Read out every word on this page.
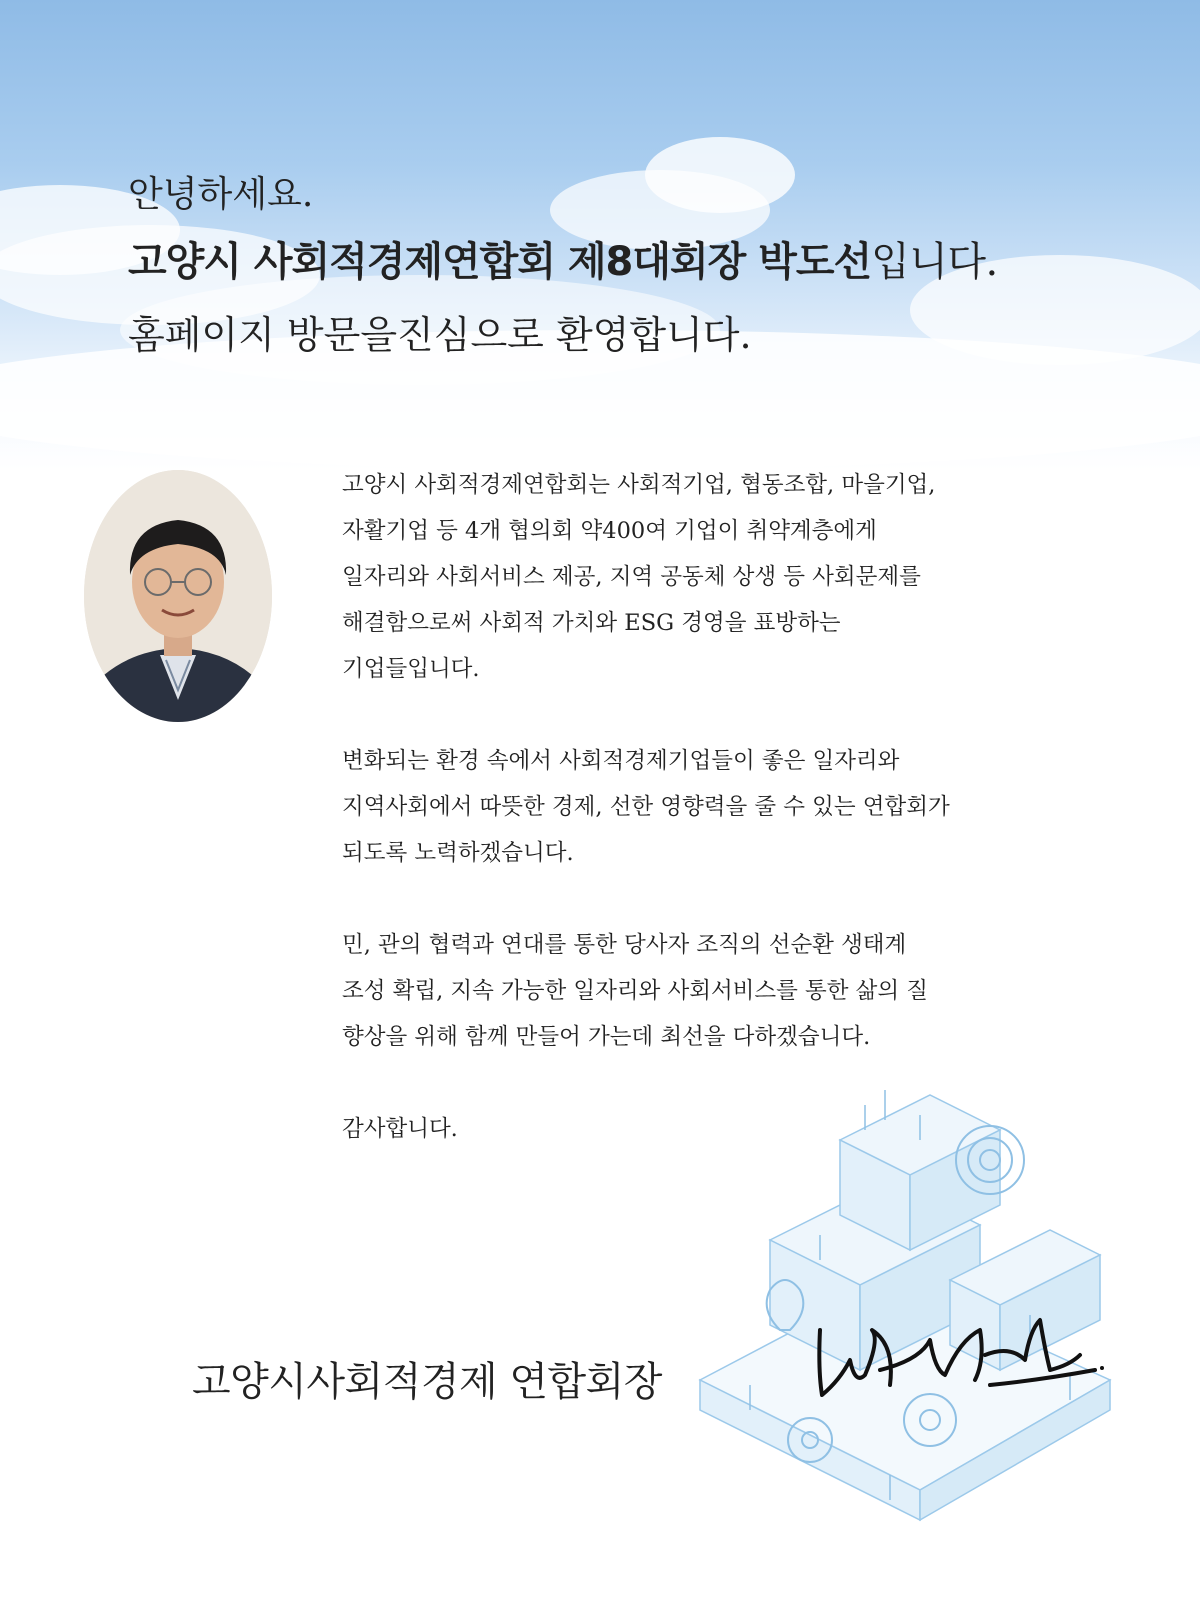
안녕하세요.
고양시 사회적경제연합회 제8대회장 박도선입니다.
홈페이지 방문을진심으로 환영합니다.

고양시 사회적경제연합회는 사회적기업, 협동조합, 마을기업,
자활기업 등 4개 협의회 약400여 기업이 취약계층에게
일자리와 사회서비스 제공, 지역 공동체 상생 등 사회문제를
해결함으로써 사회적 가치와 ESG 경영을 표방하는
기업들입니다.

변화되는 환경 속에서 사회적경제기업들이 좋은 일자리와
지역사회에서 따뜻한 경제, 선한 영향력을 줄 수 있는 연합회가
되도록 노력하겠습니다.

민, 관의 협력과 연대를 통한 당사자 조직의 선순환 생태계
조성 확립, 지속 가능한 일자리와 사회서비스를 통한 삶의 질
향상을 위해 함께 만들어 가는데 최선을 다하겠습니다.

감사합니다.

고양시사회적경제 연합회장
